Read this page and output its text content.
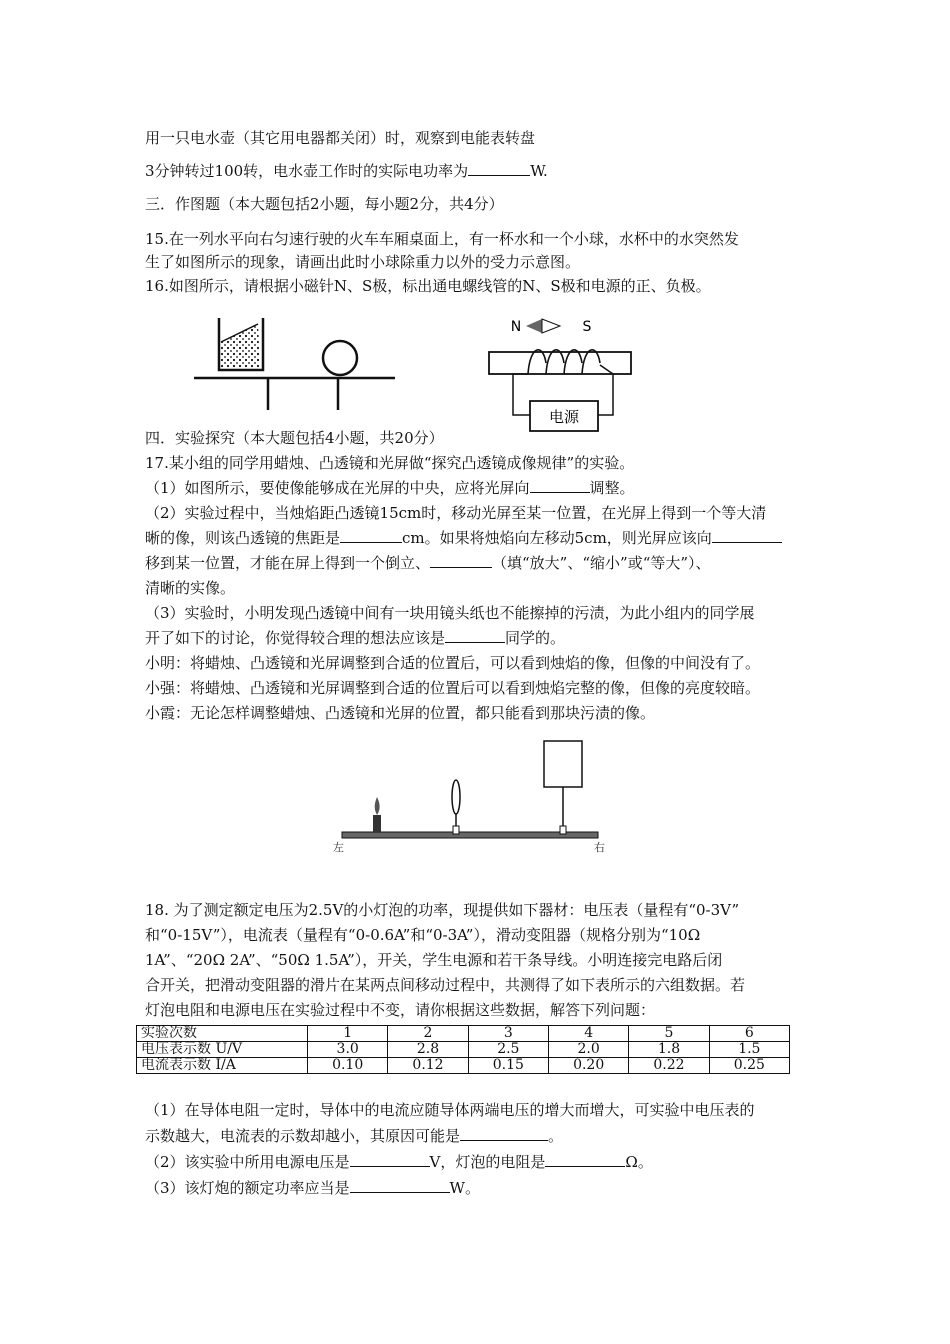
用一只电水壶（其它用电器都关闭）时，观察到电能表转盘
3分钟转过100转，电水壶工作时的实际电功率为	W.
三．作图题（本大题包括2小题，每小题2分，共4分）
15.在一列水平向右匀速行驶的火车车厢桌面上，有一杯水和一个小球，水杯中的水突然发
生了如图所示的现象，请画出此时小球除重力以外的受力示意图。
16.如图所示，请根据小磁针N、S极，标出通电螺线管的N、S极和电源的正、负极。
N	S
电源
四．实验探究（本大题包括4小题，共20分）
17.某小组的同学用蜡烛、凸透镜和光屏做“探究凸透镜成像规律”的实验。
（1）如图所示，要使像能够成在光屏的中央，应将光屏向	调整。
（2）实验过程中，当烛焰距凸透镜15cm时，移动光屏至某一位置，在光屏上得到一个等大清
晰的像，则该凸透镜的焦距是	cm。如果将烛焰向左移动5cm，则光屏应该向
移到某一位置，才能在屏上得到一个倒立、	（填“放大”、“缩小”或“等大”）、
清晰的实像。
（3）实验时，小明发现凸透镜中间有一块用镜头纸也不能擦掉的污渍，为此小组内的同学展
开了如下的讨论，你觉得较合理的想法应该是	同学的。
小明：将蜡烛、凸透镜和光屏调整到合适的位置后，可以看到烛焰的像，但像的中间没有了。
小强：将蜡烛、凸透镜和光屏调整到合适的位置后可以看到烛焰完整的像，但像的亮度较暗。
小霞：无论怎样调整蜡烛、凸透镜和光屏的位置，都只能看到那块污渍的像。
左	右
18. 为了测定额定电压为2.5V的小灯泡的功率，现提供如下器材：电压表（量程有“0-3V”
和“0-15V”），电流表（量程有“0-0.6A”和“0-3A”），滑动变阻器（规格分别为“10Ω
1A”、“20Ω 2A”、“50Ω 1.5A”），开关，学生电源和若干条导线。小明连接完电路后闭
合开关，把滑动变阻器的滑片在某两点间移动过程中，共测得了如下表所示的六组数据。若
灯泡电阻和电源电压在实验过程中不变，请你根据这些数据，解答下列问题：
实验次数	1	2	3	4	5	6
电压表示数 U/V	3.0	2.8	2.5	2.0	1.8	1.5
电流表示数 I/A	0.10	0.12	0.15	0.20	0.22	0.25
（1）在导体电阻一定时，导体中的电流应随导体两端电压的增大而增大，可实验中电压表的
示数越大，电流表的示数却越小，其原因可能是	。
（2）该实验中所用电源电压是	V，灯泡的电阻是	Ω。
（3）该灯炮的额定功率应当是	W。
